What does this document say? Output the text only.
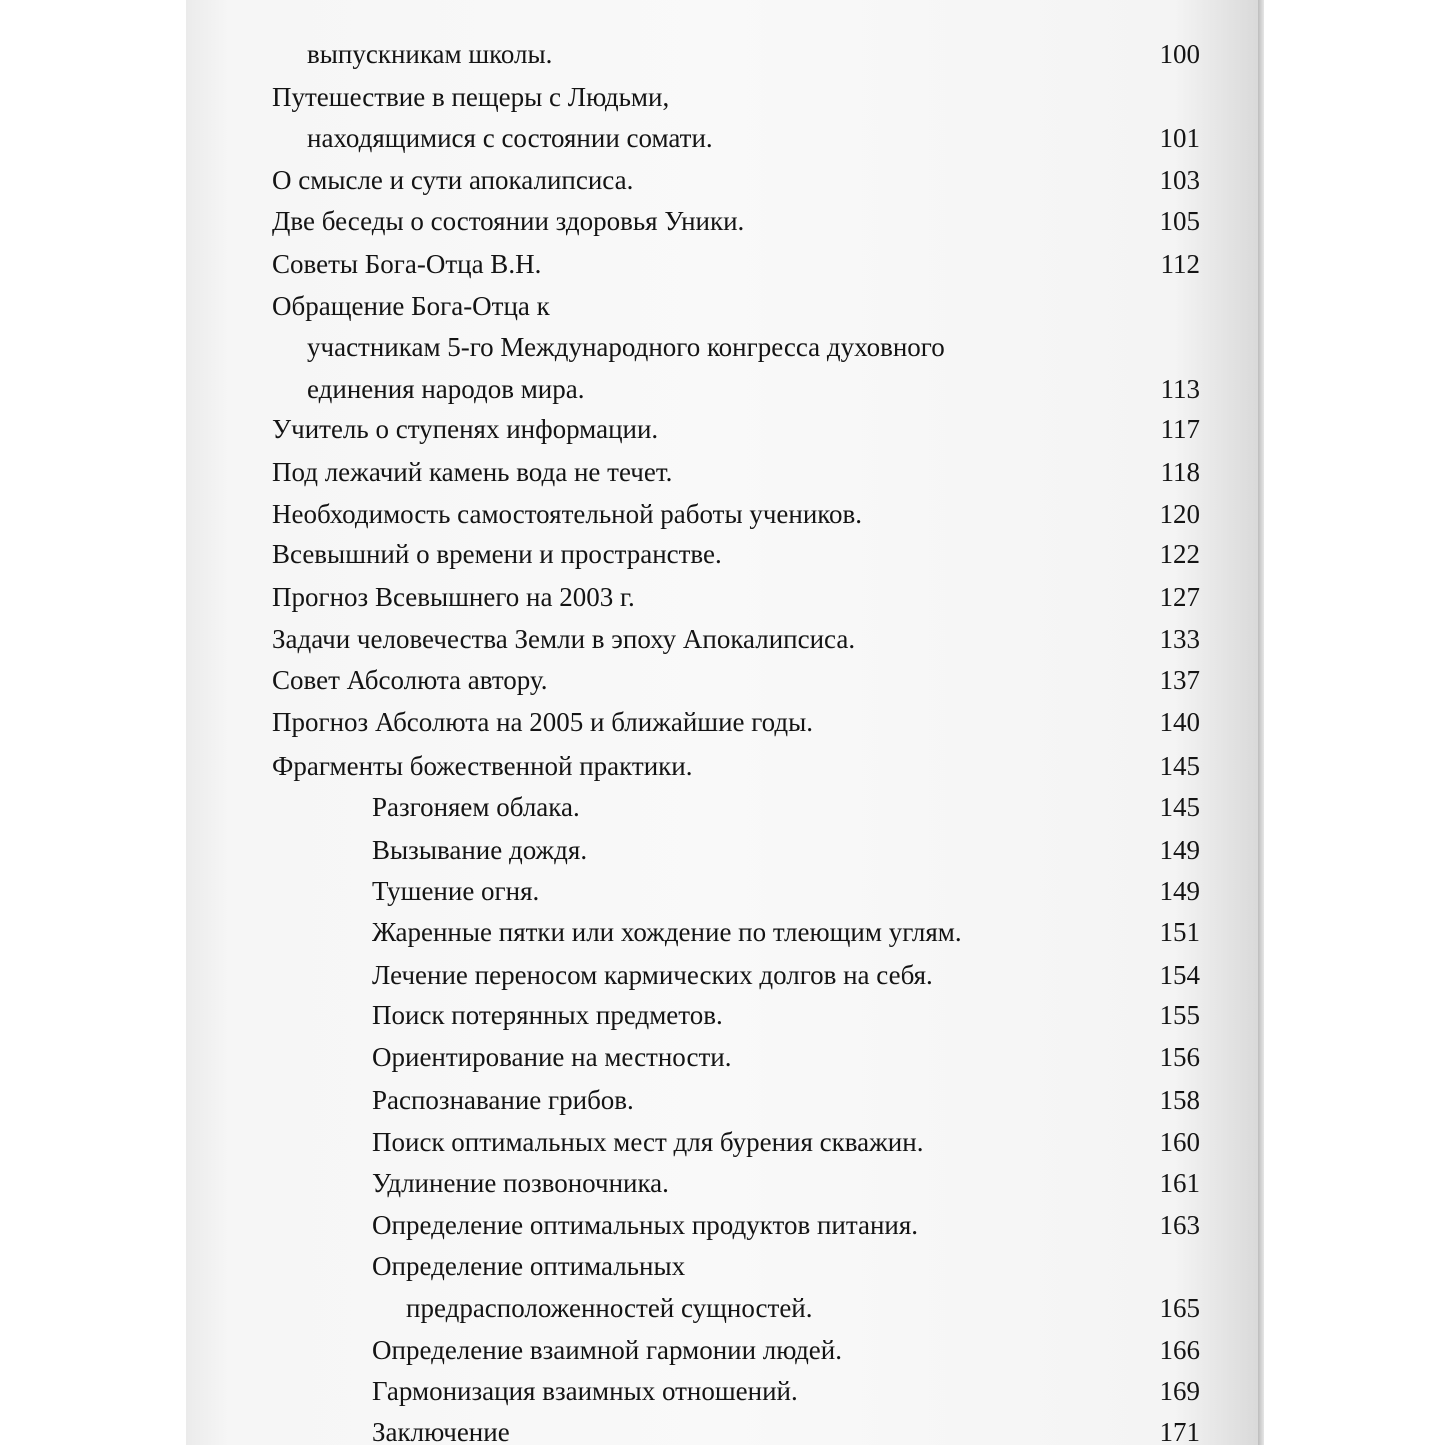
выпускникам школы.	100
Путешествие в пещеры с Людьми,
находящимися с состоянии сомати.	101
О смысле и сути апокалипсиса.	103
Две беседы о состоянии здоровья Уники.	105
Советы Бога-Отца В.Н.	112
Обращение Бога-Отца к
участникам 5-го Международного конгресса духовного
единения народов мира.	113
Учитель о ступенях информации.	117
Под лежачий камень вода не течет.	118
Необходимость самостоятельной работы учеников.	120
Всевышний о времени и пространстве.	122
Прогноз Всевышнего на 2003 г.	127
Задачи человечества Земли в эпоху Апокалипсиса.	133
Совет Абсолюта автору.	137
Прогноз Абсолюта на 2005 и ближайшие годы.	140
Фрагменты божественной практики.	145
Разгоняем облака.	145
Вызывание дождя.	149
Тушение огня.	149
Жаренные пятки или хождение по тлеющим углям.	151
Лечение переносом кармических долгов на себя.	154
Поиск потерянных предметов.	155
Ориентирование на местности.	156
Распознавание грибов.	158
Поиск оптимальных мест для бурения скважин.	160
Удлинение позвоночника.	161
Определение оптимальных продуктов питания.	163
Определение оптимальных
предрасположенностей сущностей.	165
Определение взаимной гармонии людей.	166
Гармонизация взаимных отношений.	169
Заключение	171
